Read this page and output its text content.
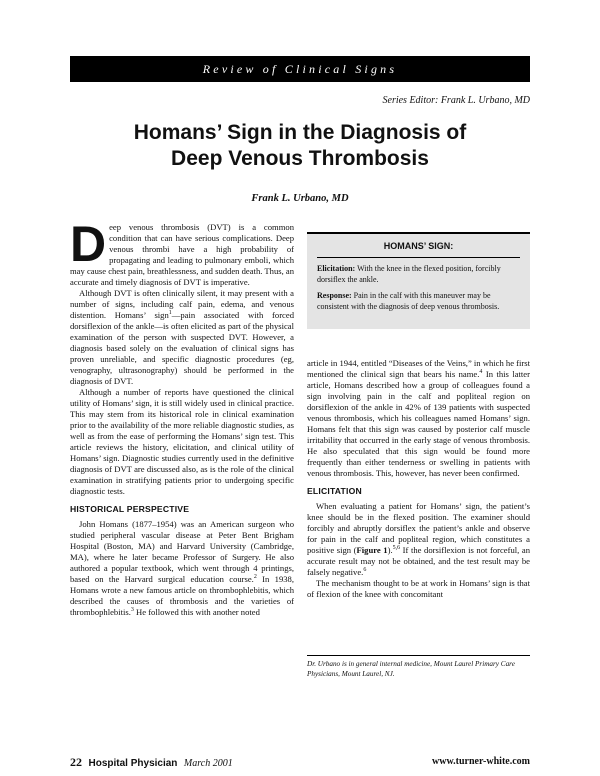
Review of Clinical Signs
Series Editor: Frank L. Urbano, MD
Homans’ Sign in the Diagnosis of
Deep Venous Thrombosis
Frank L. Urbano, MD

Deep venous thrombosis (DVT) is a common condition that can have serious complications. Deep venous thrombi have a high probability of propagating and leading to pulmonary emboli, which may cause chest pain, breathlessness, and sudden death. Thus, an accurate and timely diagnosis of DVT is imperative.

Although DVT is often clinically silent, it may present with a number of signs, including calf pain, edema, and venous distention. Homans’ sign$^1$—pain associated with forced dorsiflexion of the ankle—is often elicited as part of the physical examination of the person with suspected DVT. However, a diagnosis based solely on the evaluation of clinical signs has proven unreliable, and specific diagnostic procedures (eg, venography, ultrasonography) should be performed in the diagnosis of DVT.

Although a number of reports have questioned the clinical utility of Homans’ sign, it is still widely used in clinical practice. This may stem from its historical role in clinical examination prior to the availability of the more reliable diagnostic studies, as well as from the ease of performing the Homans’ sign test. This article reviews the history, elicitation, and clinical utility of Homans’ sign. Diagnostic studies currently used in the definitive diagnosis of DVT are discussed also, as is the role of the clinical examination in stratifying patients prior to undergoing specific diagnostic tests.

HISTORICAL PERSPECTIVE

John Homans (1877–1954) was an American surgeon who studied peripheral vascular disease at Peter Bent Brigham Hospital (Boston, MA) and Harvard University (Cambridge, MA), where he later became Professor of Surgery. He also authored a popular textbook, which went through 4 printings, based on the Harvard surgical education course.$^2$ In 1938, Homans wrote a new famous article on thrombophlebitis, which described the causes of thrombosis and the varieties of thrombophlebitis.$^3$ He followed this with another noted

HOMANS’ SIGN:

Elicitation: With the knee in the flexed position, forcibly dorsiflex the ankle.

Response: Pain in the calf with this maneuver may be consistent with the diagnosis of deep venous thrombosis.

article in 1944, entitled “Diseases of the Veins,” in which he first mentioned the clinical sign that bears his name.$^4$ In this latter article, Homans described how a group of colleagues found a sign involving pain in the calf and popliteal region on dorsiflexion of the ankle in 42% of 139 patients with suspected venous thrombosis, which his colleagues named Homans’ sign. Homans felt that this sign was caused by posterior calf muscle irritability that occurred in the early stage of venous thrombosis. He also speculated that this sign would be found more frequently than either tenderness or swelling in patients with venous thrombosis. This, however, has never been confirmed.

ELICITATION

When evaluating a patient for Homans’ sign, the patient’s knee should be in the flexed position. The examiner should forcibly and abruptly dorsiflex the patient’s ankle and observe for pain in the calf and popliteal region, which constitutes a positive sign (Figure 1).$^{5,6}$ If the dorsiflexion is not forceful, an accurate result may not be obtained, and the test result may be falsely negative.$^6$

The mechanism thought to be at work in Homans’ sign is that of flexion of the knee with concomitant

Dr. Urbano is in general internal medicine, Mount Laurel Primary Care Physicians, Mount Laurel, NJ.
22 Hospital Physician March 2001	www.turner-white.com
